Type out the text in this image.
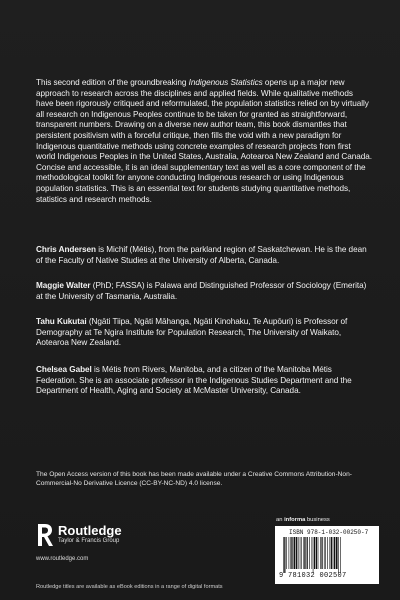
This second edition of the groundbreaking Indigenous Statistics opens up a major new approach to research across the disciplines and applied fields. While qualitative methods have been rigorously critiqued and reformulated, the population statistics relied on by virtually all research on Indigenous Peoples continue to be taken for granted as straightforward, transparent numbers. Drawing on a diverse new author team, this book dismantles that persistent positivism with a forceful critique, then fills the void with a new paradigm for Indigenous quantitative methods using concrete examples of research projects from first world Indigenous Peoples in the United States, Australia, Aotearoa New Zealand and Canada. Concise and accessible, it is an ideal supplementary text as well as a core component of the methodological toolkit for anyone conducting Indigenous research or using Indigenous population statistics. This is an essential text for students studying quantitative methods, statistics and research methods.
Chris Andersen is Michif (Métis), from the parkland region of Saskatchewan. He is the dean of the Faculty of Native Studies at the University of Alberta, Canada.
Maggie Walter (PhD; FASSA) is Palawa and Distinguished Professor of Sociology (Emerita) at the University of Tasmania, Australia.
Tahu Kukutai (Ngāti Tiipa, Ngāti Māhanga, Ngāti Kinohaku, Te Aupōuri) is Professor of Demography at Te Ngira Institute for Population Research, The University of Waikato, Aotearoa New Zealand.
Chelsea Gabel is Métis from Rivers, Manitoba, and a citizen of the Manitoba Métis Federation. She is an associate professor in the Indigenous Studies Department and the Department of Health, Aging and Society at McMaster University, Canada.
The Open Access version of this book has been made available under a Creative Commons Attribution-Non-Commercial-No Derivative Licence (CC-BY-NC-ND) 4.0 license.
Routledge
Taylor & Francis Group
www.routledge.com
Routledge titles are available as eBook editions in a range of digital formats
an informa business
ISBN 978-1-032-00250-7
9 781032 002507
